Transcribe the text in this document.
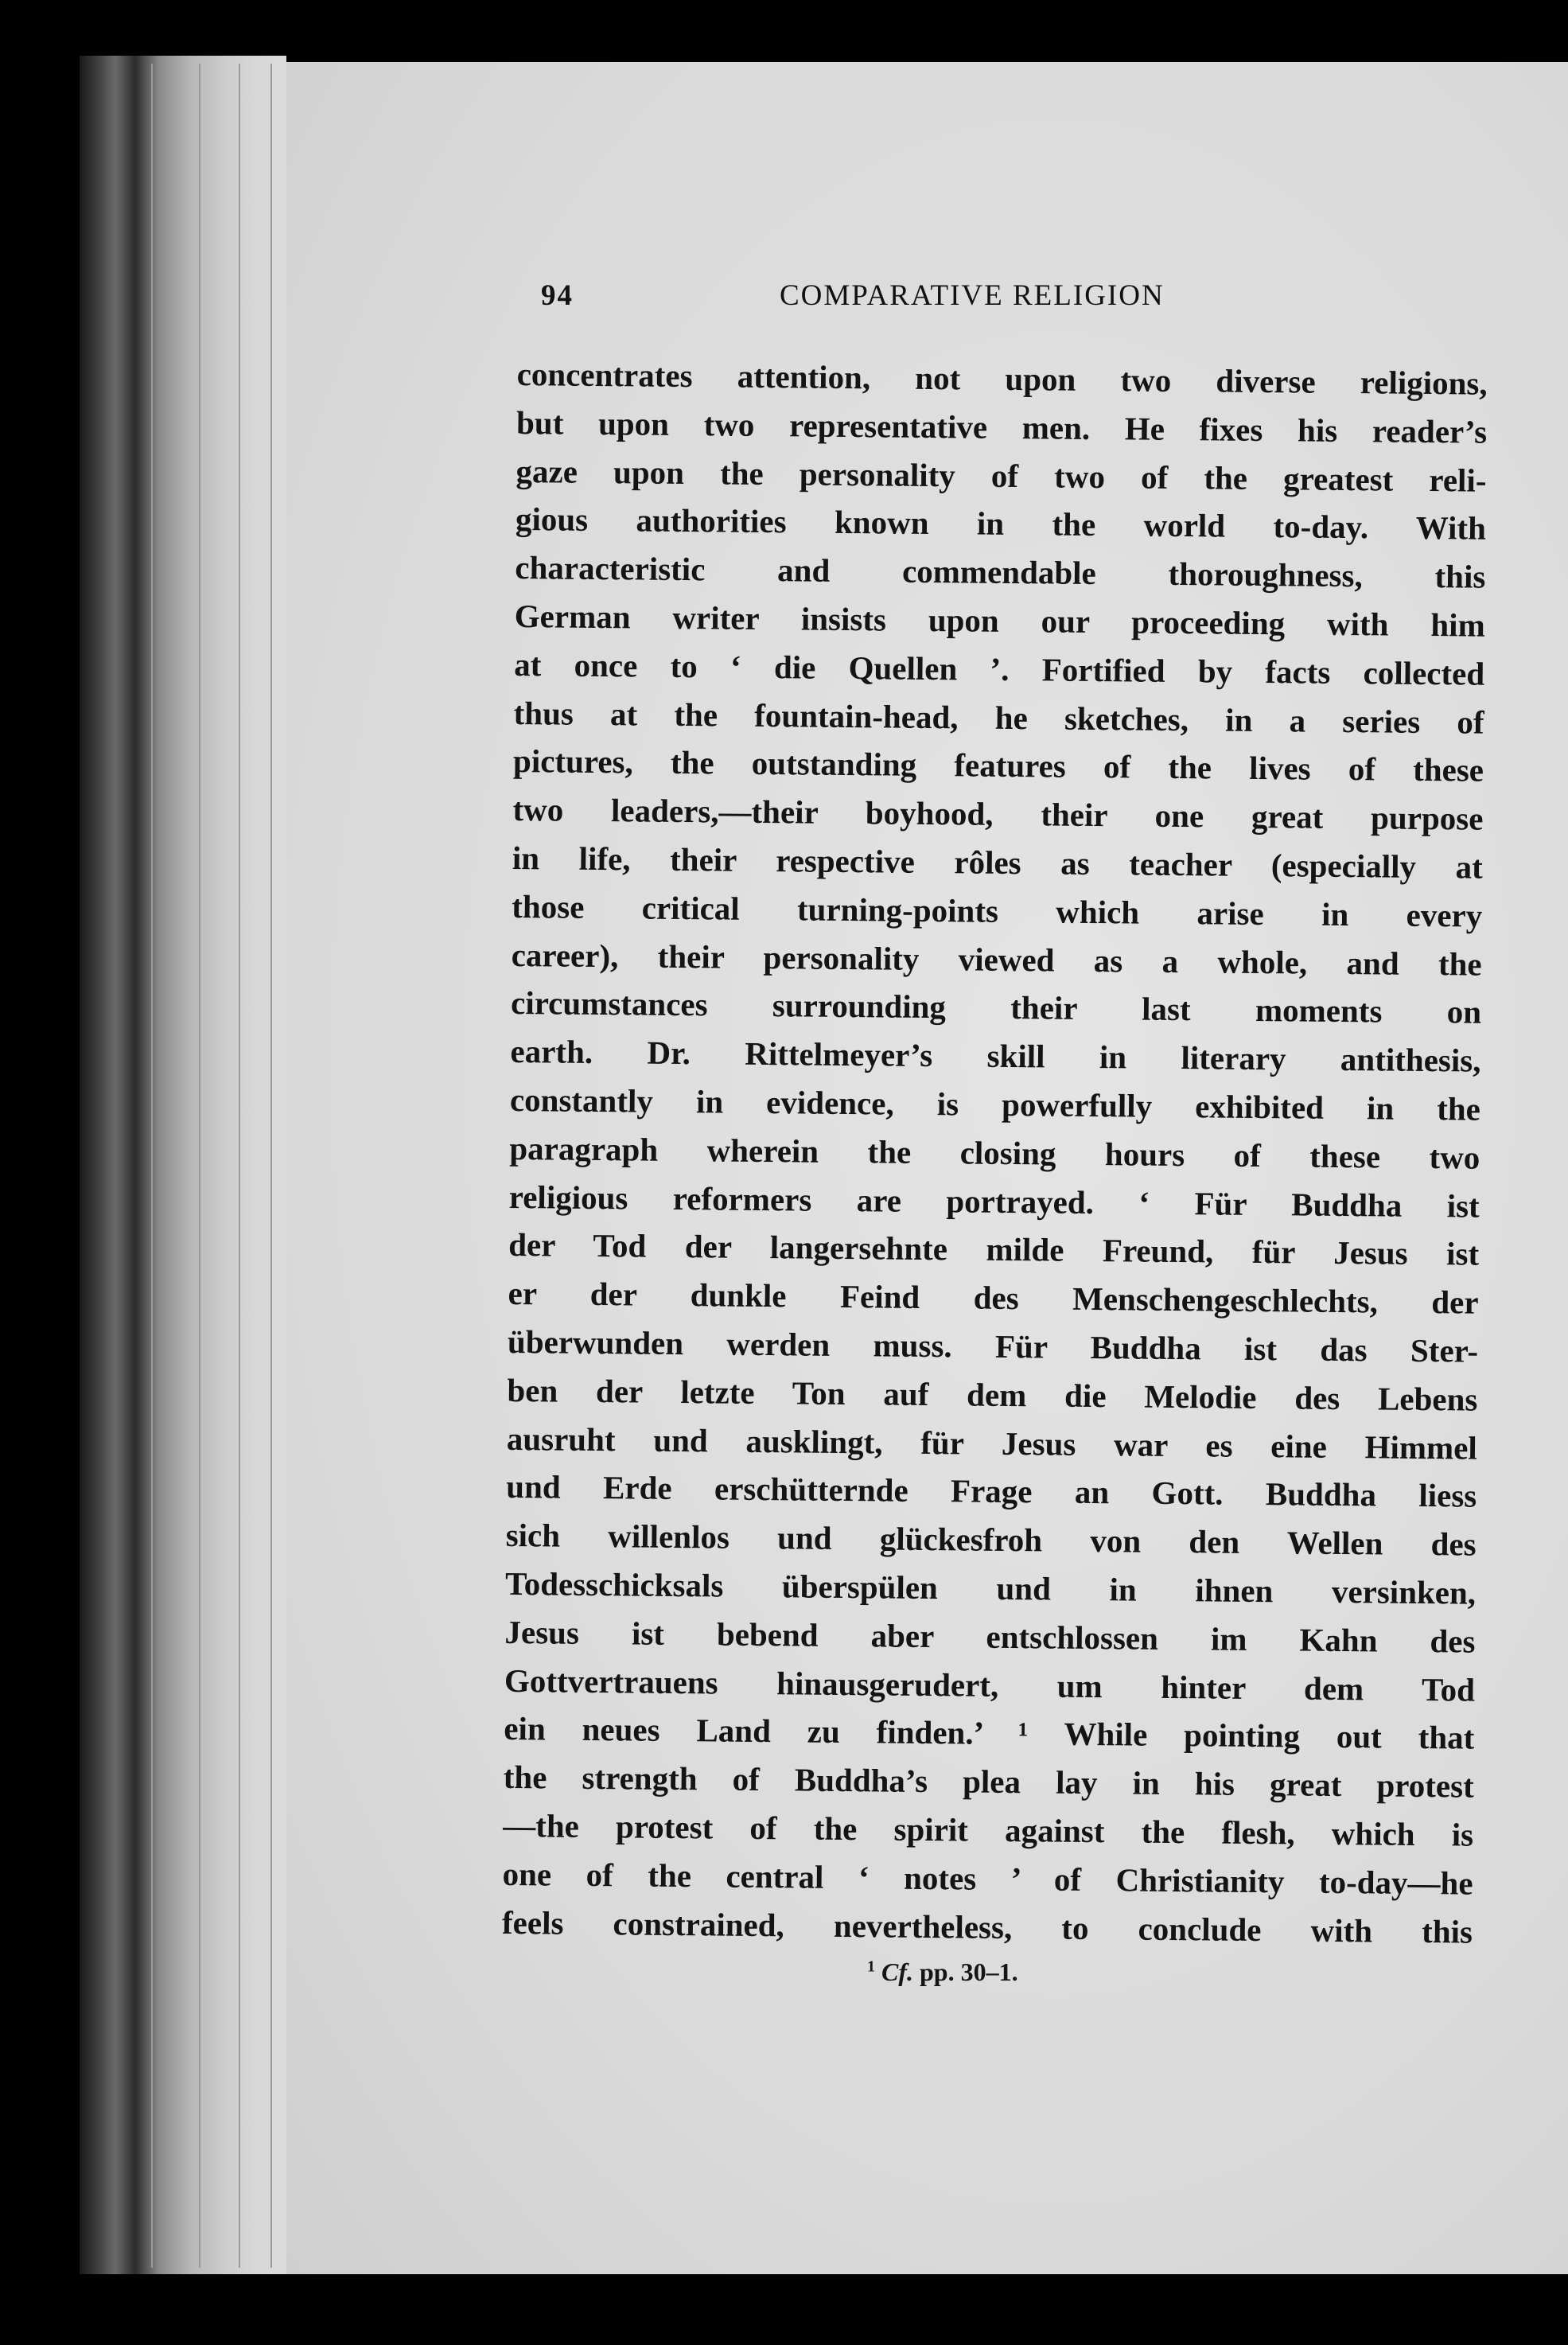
94	COMPARATIVE RELIGION
concentrates attention, not upon two diverse religions,
but upon two representative men. He fixes his reader’s
gaze upon the personality of two of the greatest reli-
gious authorities known in the world to-day. With
characteristic and commendable thoroughness, this
German writer insists upon our proceeding with him
at once to ‘ die Quellen ’. Fortified by facts collected
thus at the fountain-head, he sketches, in a series of
pictures, the outstanding features of the lives of these
two leaders,—their boyhood, their one great purpose
in life, their respective rôles as teacher (especially at
those critical turning-points which arise in every
career), their personality viewed as a whole, and the
circumstances surrounding their last moments on
earth. Dr. Rittelmeyer’s skill in literary antithesis,
constantly in evidence, is powerfully exhibited in the
paragraph wherein the closing hours of these two
religious reformers are portrayed. ‘ Für Buddha ist
der Tod der langersehnte milde Freund, für Jesus ist
er der dunkle Feind des Menschengeschlechts, der
überwunden werden muss. Für Buddha ist das Ster-
ben der letzte Ton auf dem die Melodie des Lebens
ausruht und ausklingt, für Jesus war es eine Himmel
und Erde erschütternde Frage an Gott. Buddha liess
sich willenlos und glückesfroh von den Wellen des
Todesschicksals überspülen und in ihnen versinken,
Jesus ist bebend aber entschlossen im Kahn des
Gottvertrauens hinausgerudert, um hinter dem Tod
ein neues Land zu finden.’ ¹ While pointing out that
the strength of Buddha’s plea lay in his great protest
—the protest of the spirit against the flesh, which is
one of the central ‘ notes ’ of Christianity to-day—he
feels constrained, nevertheless, to conclude with this
$^1$ Cf. pp. 30–1.
